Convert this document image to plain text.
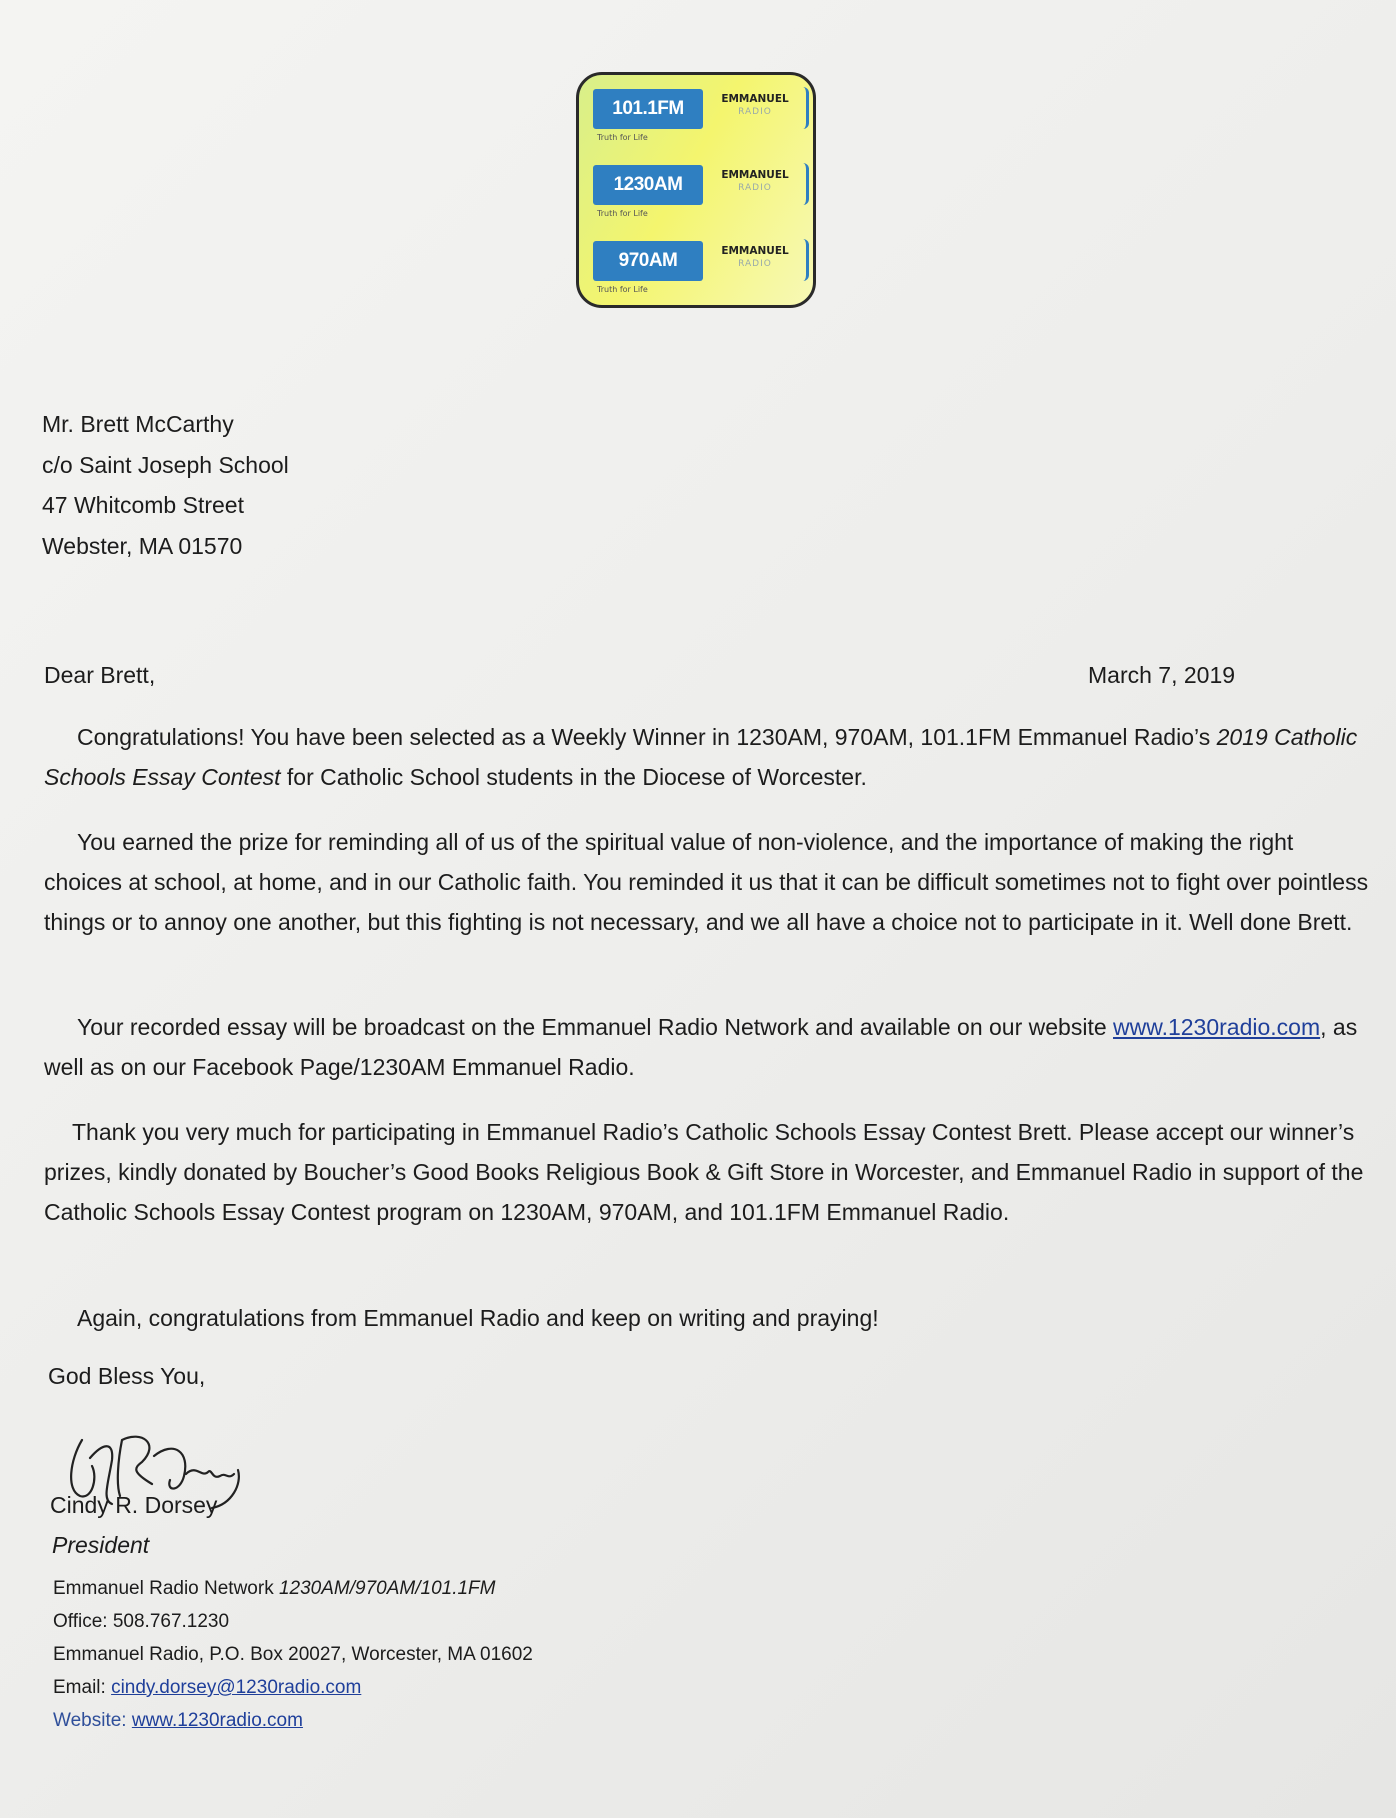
101.1FM	EMMANUEL
RADIO
Truth for Life
1230AM	EMMANUEL
RADIO
Truth for Life
970AM	EMMANUEL
RADIO
Truth for Life
Mr. Brett McCarthy
c/o Saint Joseph School
47 Whitcomb Street
Webster, MA 01570
Dear Brett,	March 7, 2019
Congratulations! You have been selected as a Weekly Winner in 1230AM, 970AM, 101.1FM Emmanuel Radio’s 2019 Catholic Schools Essay Contest for Catholic School students in the Diocese of Worcester.
You earned the prize for reminding all of us of the spiritual value of non-violence, and the importance of making the right choices at school, at home, and in our Catholic faith. You reminded it us that it can be difficult sometimes not to fight over pointless things or to annoy one another, but this fighting is not necessary, and we all have a choice not to participate in it. Well done Brett.
Your recorded essay will be broadcast on the Emmanuel Radio Network and available on our website www.1230radio.com, as well as on our Facebook Page/1230AM Emmanuel Radio.
Thank you very much for participating in Emmanuel Radio’s Catholic Schools Essay Contest Brett. Please accept our winner’s prizes, kindly donated by Boucher’s Good Books Religious Book & Gift Store in Worcester, and Emmanuel Radio in support of the Catholic Schools Essay Contest program on 1230AM, 970AM, and 101.1FM Emmanuel Radio.
Again, congratulations from Emmanuel Radio and keep on writing and praying!
God Bless You,
Cindy R. Dorsey
President
Emmanuel Radio Network 1230AM/970AM/101.1FM
Office: 508.767.1230
Emmanuel Radio, P.O. Box 20027, Worcester, MA 01602
Email: cindy.dorsey@1230radio.com
Website: www.1230radio.com
